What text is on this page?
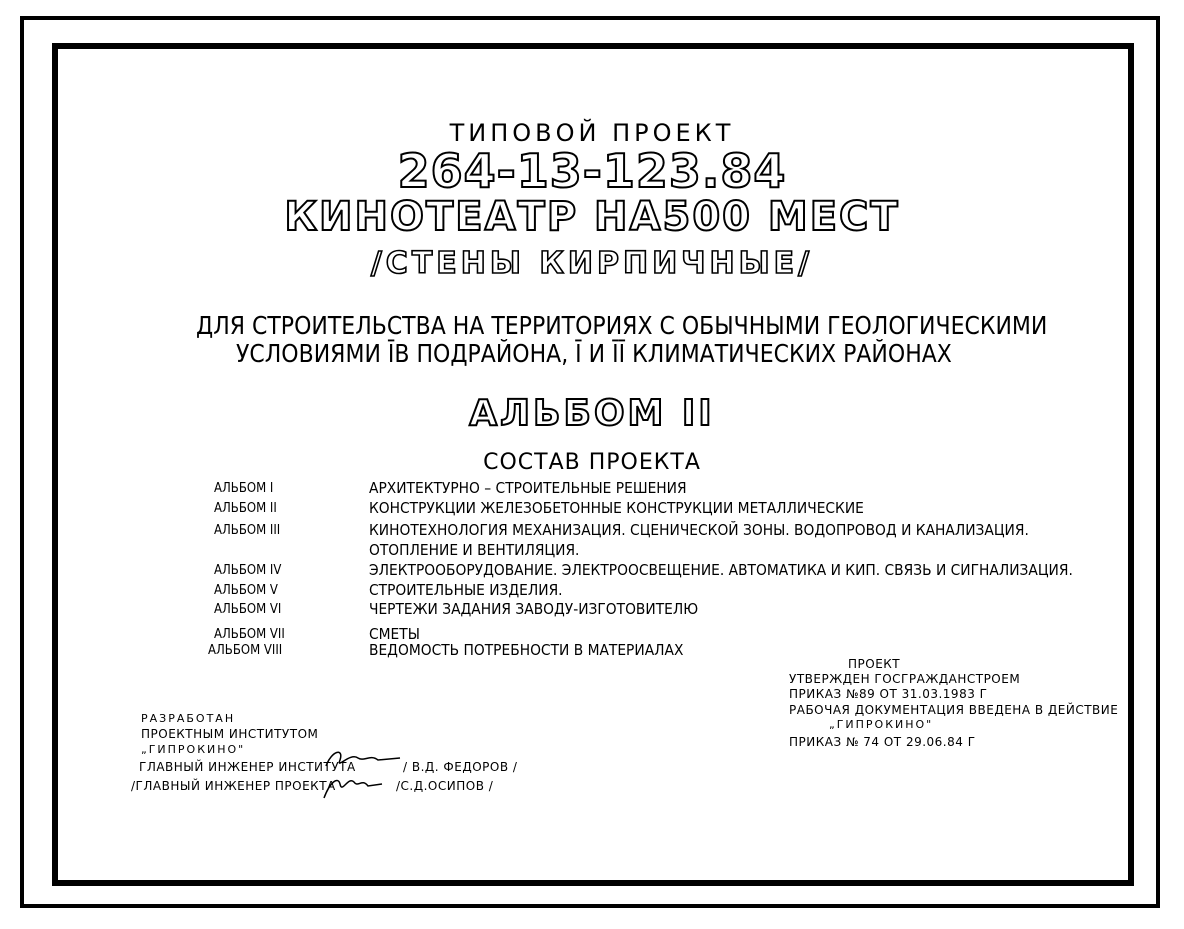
ТИПОВОЙ ПРОЕКТ
264-13-123.84
КИНОТЕАТР НА500 МЕСТ
/СТЕНЫ КИРПИЧНЫЕ/
ДЛЯ СТРОИТЕЛЬСТВА НА ТЕРРИТОРИЯХ С ОБЫЧНЫМИ ГЕОЛОГИЧЕСКИМИ
УСЛОВИЯМИ ĪВ ПОДРАЙОНА, Ī И ĪĪ КЛИМАТИЧЕСКИХ РАЙОНАХ
АЛЬБОМ II
СОСТАВ ПРОЕКТА
АЛЬБОМ I	АРХИТЕКТУРНО – СТРОИТЕЛЬНЫЕ РЕШЕНИЯ
АЛЬБОМ II	КОНСТРУКЦИИ ЖЕЛЕЗОБЕТОННЫЕ КОНСТРУКЦИИ МЕТАЛЛИЧЕСКИЕ
АЛЬБОМ III	КИНОТЕХНОЛОГИЯ МЕХАНИЗАЦИЯ. СЦЕНИЧЕСКОЙ ЗОНЫ. ВОДОПРОВОД И КАНАЛИЗАЦИЯ.
ОТОПЛЕНИЕ И ВЕНТИЛЯЦИЯ.
АЛЬБОМ IV	ЭЛЕКТРООБОРУДОВАНИЕ. ЭЛЕКТРООСВЕЩЕНИЕ. АВТОМАТИКА И КИП. СВЯЗЬ И СИГНАЛИЗАЦИЯ.
АЛЬБОМ V	СТРОИТЕЛЬНЫЕ ИЗДЕЛИЯ.
АЛЬБОМ VI	ЧЕРТЕЖИ ЗАДАНИЯ ЗАВОДУ-ИЗГОТОВИТЕЛЮ
АЛЬБОМ VII	СМЕТЫ
АЛЬБОМ VIII	ВЕДОМОСТЬ ПОТРЕБНОСТИ В МАТЕРИАЛАХ
ПРОЕКТ
УТВЕРЖДЕН ГОСГРАЖДАНСТРОЕМ
ПРИКАЗ №89 ОТ 31.03.1983 Г
РАБОЧАЯ ДОКУМЕНТАЦИЯ ВВЕДЕНА В ДЕЙСТВИЕ
„ГИПРОКИНО"
ПРИКАЗ № 74 ОТ 29.06.84 Г
РАЗРАБОТАН
ПРОЕКТНЫМ ИНСТИТУТОМ
„ГИПРОКИНО"
ГЛАВНЫЙ ИНЖЕНЕР ИНСТИТУТА	/ В.Д. ФЕДОРОВ /
/ГЛАВНЫЙ ИНЖЕНЕР ПРОЕКТА	/С.Д.ОСИПОВ /
